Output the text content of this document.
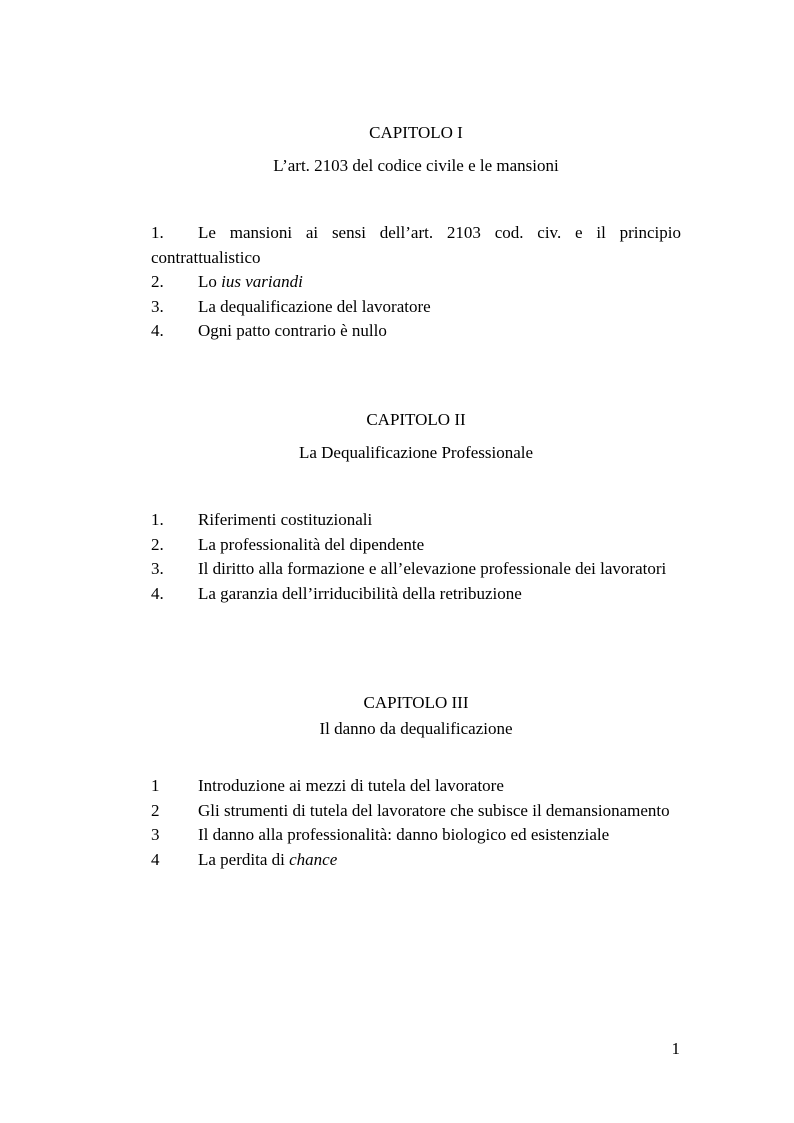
CAPITOLO I

L’art. 2103 del codice civile e le mansioni

1. Le mansioni ai sensi dell’art. 2103 cod. civ. e il principio contrattualistico
2. Lo ius variandi
3. La dequalificazione del lavoratore
4. Ogni patto contrario è nullo

CAPITOLO II

La Dequalificazione Professionale

1. Riferimenti costituzionali
2. La professionalità del dipendente
3. Il diritto alla formazione e all’elevazione professionale dei lavoratori
4. La garanzia dell’irriducibilità della retribuzione

CAPITOLO III

Il danno da dequalificazione

1 Introduzione ai mezzi di tutela del lavoratore
2 Gli strumenti di tutela del lavoratore che subisce il demansionamento
3 Il danno alla professionalità: danno biologico ed esistenziale
4 La perdita di chance
1
